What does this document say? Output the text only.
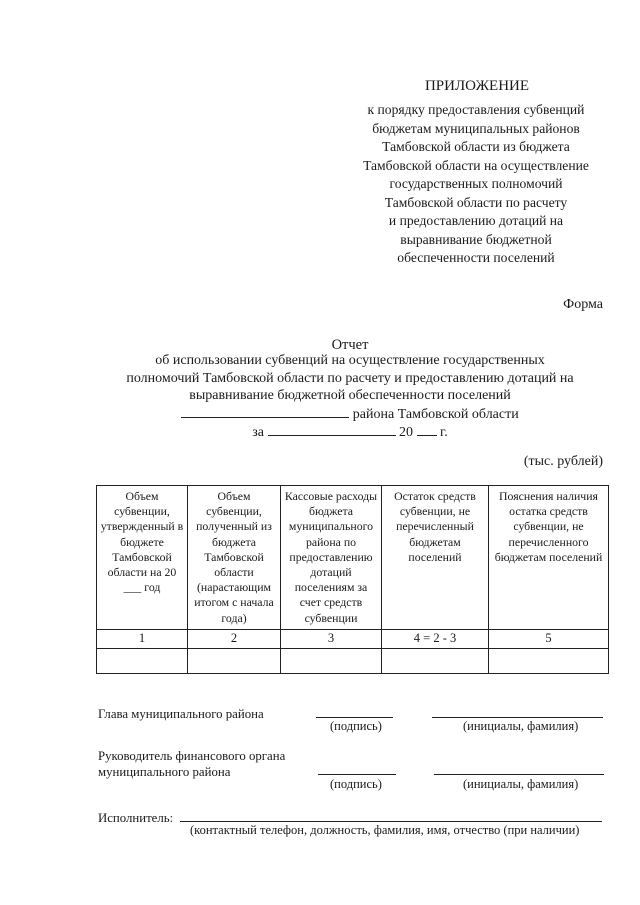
ПРИЛОЖЕНИЕ
к порядку предоставления субвенций
бюджетам муниципальных районов
Тамбовской области из бюджета
Тамбовской области на осуществление
государственных полномочий
Тамбовской области по расчету
и предоставлению дотаций на
выравнивание бюджетной
обеспеченности поселений
Форма
Отчет
об использовании субвенций на осуществление государственных
полномочий Тамбовской области по расчету и предоставлению дотаций на
выравнивание бюджетной обеспеченности поселений
района Тамбовской области
за	20 г.
(тыс. рублей)
Объем субвенции, утвержденный в бюджете Тамбовской области на 20 ___ год	Объем субвенции, полученный из бюджета Тамбовской области (нарастающим итогом с начала года)	Кассовые расходы бюджета муниципального района по предоставлению дотаций поселениям за счет средств субвенции	Остаток средств субвенции, не перечисленный бюджетам поселений	Пояснения наличия остатка средств субвенции, не перечисленного бюджетам поселений
1	2	3	4 = 2 - 3	5

Глава муниципального района
(подпись)	(инициалы, фамилия)
Руководитель финансового органа
муниципального района
(подпись)	(инициалы, фамилия)
Исполнитель:
(контактный телефон, должность, фамилия, имя, отчество (при наличии)
